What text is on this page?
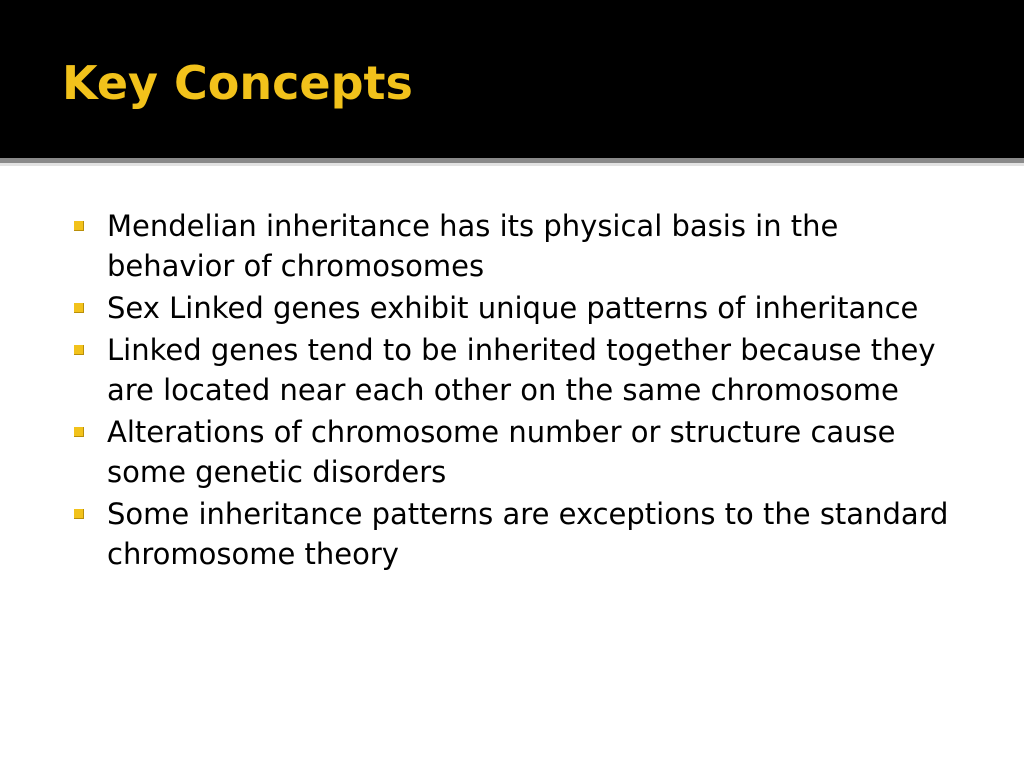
Key Concepts
Mendelian inheritance has its physical basis in the behavior of chromosomes
Sex Linked genes exhibit unique patterns of inheritance
Linked genes tend to be inherited together because they are located near each other on the same chromosome
Alterations of chromosome number or structure cause some genetic disorders
Some inheritance patterns are exceptions to the standard chromosome theory
